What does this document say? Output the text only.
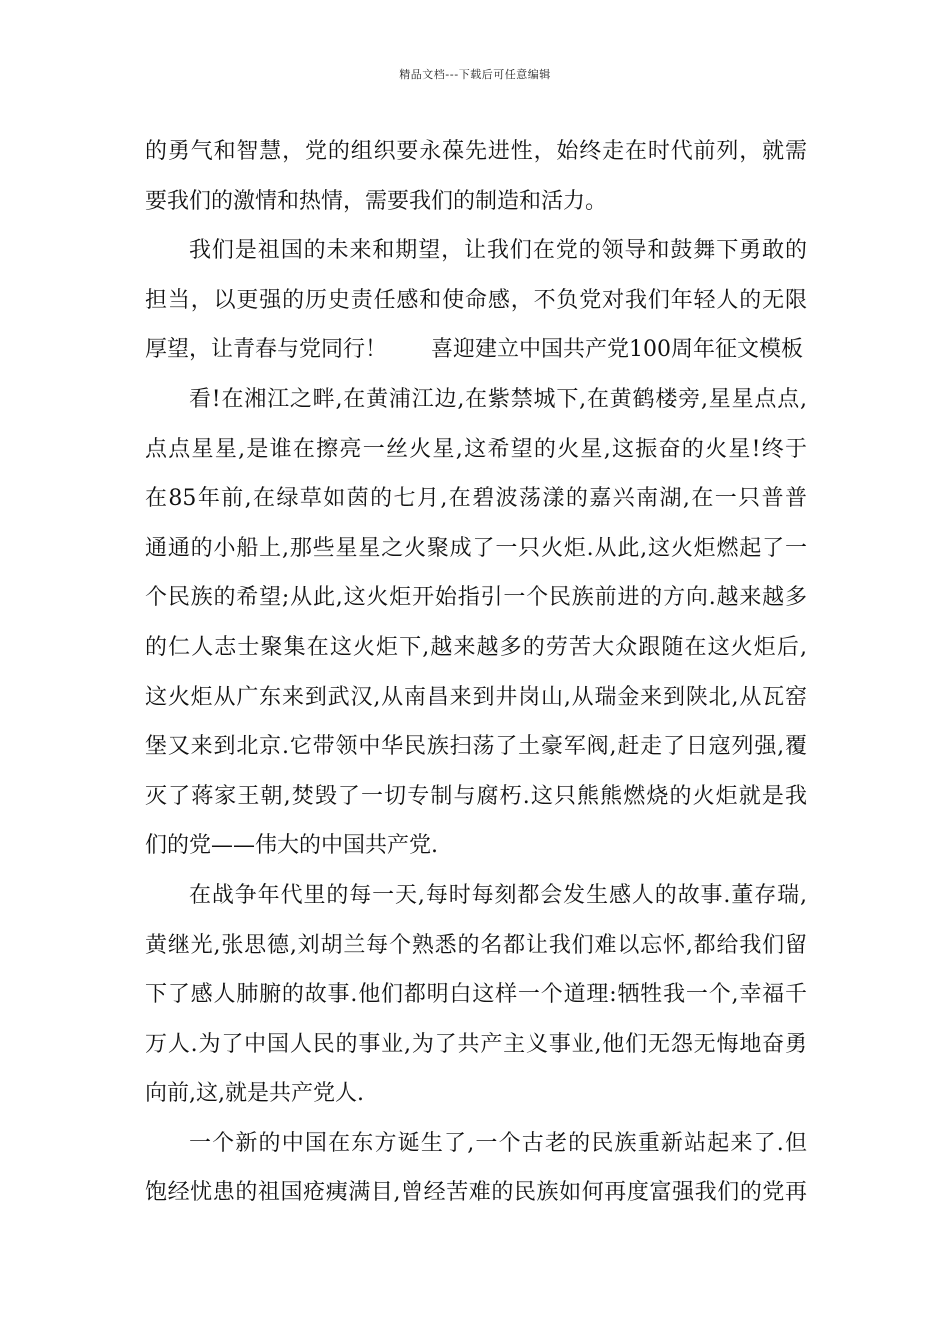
精品文档---下载后可任意编辑
的勇气和智慧，党的组织要永葆先进性，始终走在时代前列，就需
要我们的激情和热情，需要我们的制造和活力。
我们是祖国的未来和期望，让我们在党的领导和鼓舞下勇敢的
担当，以更强的历史责任感和使命感，不负党对我们年轻人的无限
厚望，让青春与党同行！　　喜迎建立中国共产党100周年征文模板
看!在湘江之畔,在黄浦江边,在紫禁城下,在黄鹤楼旁,星星点点,
点点星星,是谁在擦亮一丝火星,这希望的火星,这振奋的火星!终于
在85年前,在绿草如茵的七月,在碧波荡漾的嘉兴南湖,在一只普普
通通的小船上,那些星星之火聚成了一只火炬.从此,这火炬燃起了一
个民族的希望;从此,这火炬开始指引一个民族前进的方向.越来越多
的仁人志士聚集在这火炬下,越来越多的劳苦大众跟随在这火炬后,
这火炬从广东来到武汉,从南昌来到井岗山,从瑞金来到陕北,从瓦窑
堡又来到北京.它带领中华民族扫荡了土豪军阀,赶走了日寇列强,覆
灭了蒋家王朝,焚毁了一切专制与腐朽.这只熊熊燃烧的火炬就是我
们的党——伟大的中国共产党.
在战争年代里的每一天,每时每刻都会发生感人的故事.董存瑞,
黄继光,张思德,刘胡兰每个熟悉的名都让我们难以忘怀,都给我们留
下了感人肺腑的故事.他们都明白这样一个道理:牺牲我一个,幸福千
万人.为了中国人民的事业,为了共产主义事业,他们无怨无悔地奋勇
向前,这,就是共产党人.
一个新的中国在东方诞生了,一个古老的民族重新站起来了.但
饱经忧患的祖国疮痍满目,曾经苦难的民族如何再度富强我们的党再
